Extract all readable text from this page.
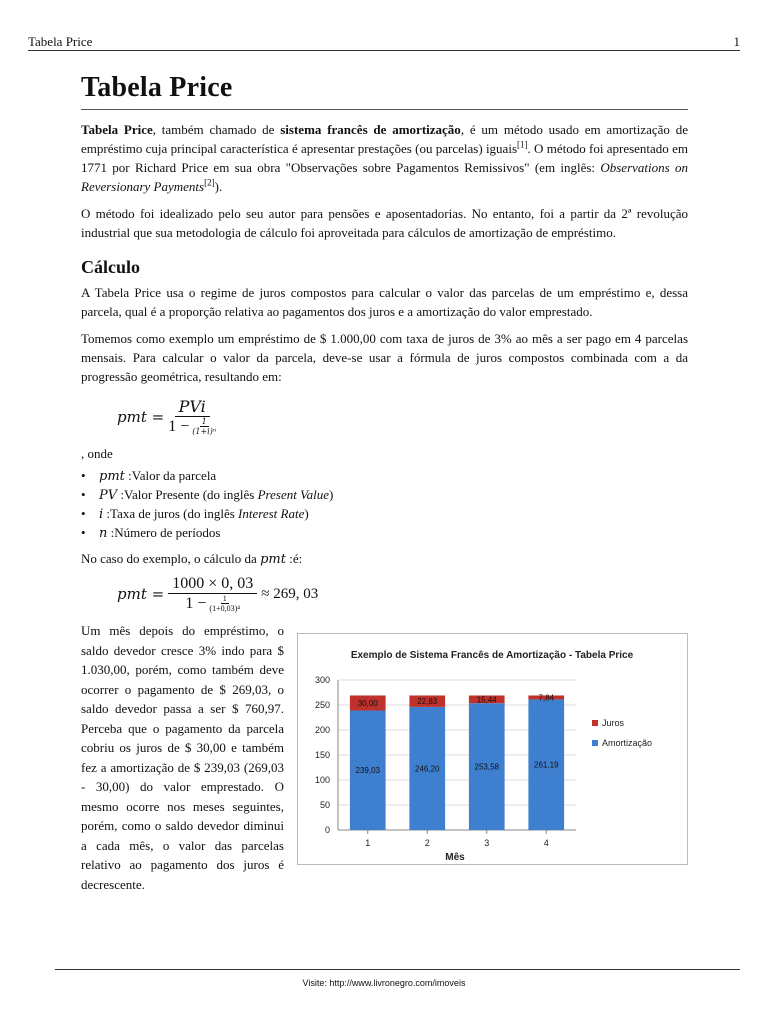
Tabela Price	1
Tabela Price

Tabela Price, também chamado de sistema francês de amortização, é um método usado em amortização de empréstimo cuja principal característica é apresentar prestações (ou parcelas) iguais[1]. O método foi apresentado em 1771 por Richard Price em sua obra "Observações sobre Pagamentos Remissivos" (em inglês: Observations on Reversionary Payments[2]).

O método foi idealizado pelo seu autor para pensões e aposentadorias. No entanto, foi a partir da 2ª revolução industrial que sua metodologia de cálculo foi aproveitada para cálculos de amortização de empréstimo.

Cálculo

A Tabela Price usa o regime de juros compostos para calcular o valor das parcelas de um empréstimo e, dessa parcela, qual é a proporção relativa ao pagamentos dos juros e a amortização do valor emprestado.

Tomemos como exemplo um empréstimo de $ 1.000,00 com taxa de juros de 3% ao mês a ser pago em 4 parcelas mensais. Para calcular o valor da parcela, deve-se usar a fórmula de juros compostos combinada com a da progressão geométrica, resultando em:

pmt = $\frac{\text{PVi}}{1 - \frac{1}{\text{(1+i)ⁿ}}}$
, onde
• pmt :Valor da parcela
• PV :Valor Presente (do inglês Present Value)
• i :Taxa de juros (do inglês Interest Rate)
• n :Número de períodos
No caso do exemplo, o cálculo da pmt :é:
pmt = $\frac{1000 \times 0, 03}{1 - \frac{1}{\text{(1+0,03)⁴}}} \approx 269$, 03
Um mês depois do empréstimo, o saldo devedor cresce 3% indo para $ 1.030,00, porém, como também deve ocorrer o pagamento de $ 269,03, o saldo devedor passa a ser $ 760,97. Perceba que o pagamento da parcela cobriu os juros de $ 30,00 e também fez a amortização de $ 239,03 (269,03 - 30,00) do valor emprestado. O mesmo ocorre nos meses seguintes, porém, como o saldo devedor diminui a cada mês, o valor das parcelas relativo ao pagamento dos juros é decrescente.
Exemplo de Sistema Francês de Amortização - Tabela Price
239,03
30,00
246,20
22,83
253,58
15,44
261,19
7,84
0
50
100
150
200
250
300
1	2	3	4
Mês
Juros
Amortização
Visite: http://www.livronegro.com/imoveis
